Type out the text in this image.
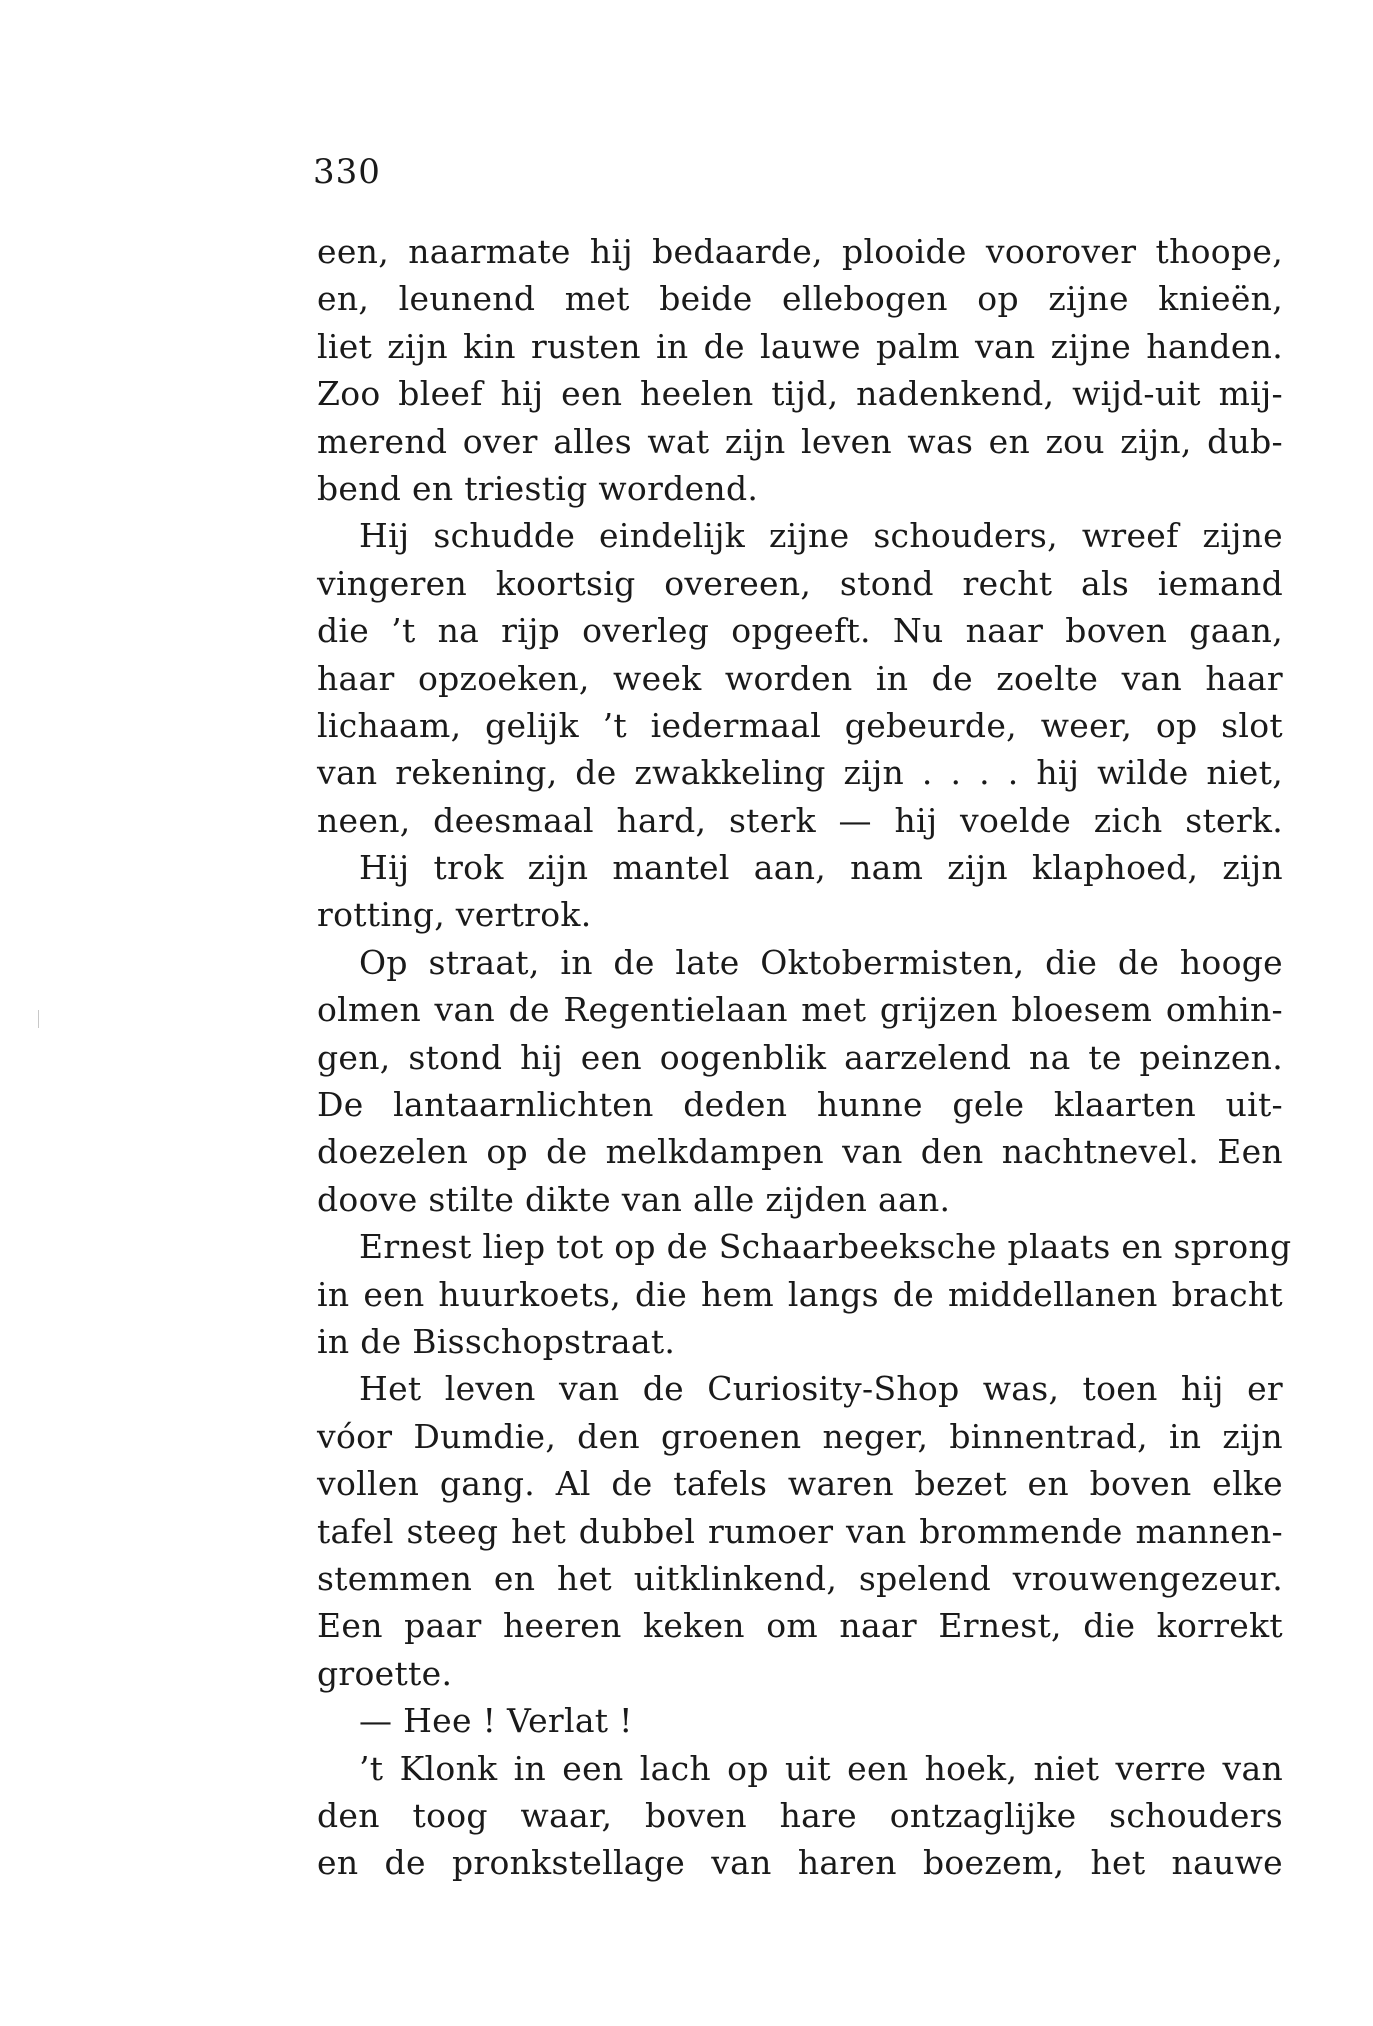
330
een, naarmate hij bedaarde, plooide voorover thoope,
en, leunend met beide ellebogen op zijne knieën,
liet zijn kin rusten in de lauwe palm van zijne handen.
Zoo bleef hij een heelen tijd, nadenkend, wijd-uit mij-
merend over alles wat zijn leven was en zou zijn, dub-
bend en triestig wordend.
Hij schudde eindelijk zijne schouders, wreef zijne
vingeren koortsig overeen, stond recht als iemand
die ’t na rijp overleg opgeeft. Nu naar boven gaan,
haar opzoeken, week worden in de zoelte van haar
lichaam, gelijk ’t iedermaal gebeurde, weer, op slot
van rekening, de zwakkeling zijn . . . . hij wilde niet,
neen, deesmaal hard, sterk — hij voelde zich sterk.
Hij trok zijn mantel aan, nam zijn klaphoed, zijn
rotting, vertrok.
Op straat, in de late Oktobermisten, die de hooge
olmen van de Regentielaan met grijzen bloesem omhin-
gen, stond hij een oogenblik aarzelend na te peinzen.
De lantaarnlichten deden hunne gele klaarten uit-
doezelen op de melkdampen van den nachtnevel. Een
doove stilte dikte van alle zijden aan.
Ernest liep tot op de Schaarbeeksche plaats en sprong
in een huurkoets, die hem langs de middellanen bracht
in de Bisschopstraat.
Het leven van de Curiosity-Shop was, toen hij er
vóor Dumdie, den groenen neger, binnentrad, in zijn
vollen gang. Al de tafels waren bezet en boven elke
tafel steeg het dubbel rumoer van brommende mannen-
stemmen en het uitklinkend, spelend vrouwengezeur.
Een paar heeren keken om naar Ernest, die korrekt
groette.
— Hee ! Verlat !
’t Klonk in een lach op uit een hoek, niet verre van
den toog waar, boven hare ontzaglijke schouders
en de pronkstellage van haren boezem, het nauwe
